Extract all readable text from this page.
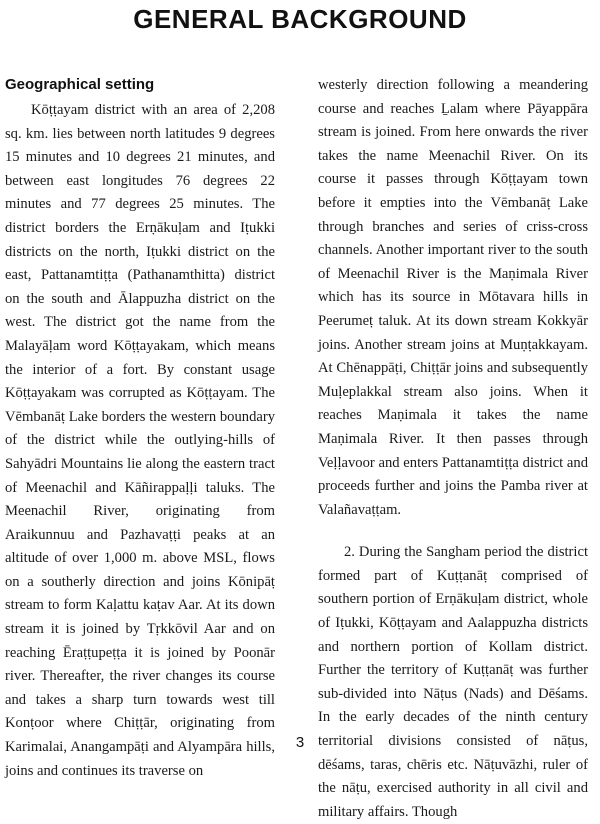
GENERAL BACKGROUND
Geographical setting

Kōṭṭayam district with an area of 2,208 sq. km. lies between north latitudes 9 degrees 15 minutes and 10 degrees 21 minutes, and between east longitudes 76 degrees 22 minutes and 77 degrees 25 minutes. The district borders the Erṇākuḷam and Iṭukki districts on the north, Iṭukki district on the east, Pattanamtiṭṭa (Pathanamthitta) district on the south and Ālappuzha district on the west. The district got the name from the Malayāḷam word Kōṭṭayakam, which means the interior of a fort. By constant usage Kōṭṭayakam was corrupted as Kōṭṭayam. The Vēmbanāṭ Lake borders the western boundary of the district while the outlying-hills of Sahyādri Mountains lie along the eastern tract of Meenachil and Kāñirappaḷḷi taluks. The Meenachil River, originating from Araikunnuu and Pazhavaṭṭi peaks at an altitude of over 1,000 m. above MSL, flows on a southerly direction and joins Kōnipāṭ stream to form Kaḷattu kaṭav Aar. At its down stream it is joined by Tṛkkōvil Aar and on reaching Ēraṭṭupeṭṭa it is joined by Poonār river. Thereafter, the river changes its course and takes a sharp turn towards west till Konṭoor where Chiṭṭār, originating from Karimalai, Anangampāṭi and Alyampāra hills, joins and continues its traverse on

westerly direction following a meandering course and reaches Ḻalam where Pāyappāra stream is joined. From here onwards the river takes the name Meenachil River. On its course it passes through Kōṭṭayam town before it empties into the Vēmbanāṭ Lake through branches and series of criss-cross channels. Another important river to the south of Meenachil River is the Maṇimala River which has its source in Mōtavara hills in Peerumeṭ taluk. At its down stream Kokkyār joins. Another stream joins at Muṇṭakkayam. At Chēnappāṭi, Chiṭṭār joins and subsequently Muḷeplakkal stream also joins. When it reaches Maṇimala it takes the name Maṇimala River. It then passes through Veḷḷavoor and enters Pattanamtiṭṭa district and proceeds further and joins the Pamba river at Valañavaṭṭam.

2. During the Sangham period the district formed part of Kuṭṭanāṭ comprised of southern portion of Erṇākuḷam district, whole of Iṭukki, Kōṭṭayam and Aalappuzha districts and northern portion of Kollam district. Further the territory of Kuṭṭanāṭ was further sub-divided into Nāṭus (Nads) and Dēśams. In the early decades of the ninth century territorial divisions consisted of nāṭus, dēśams, taras, chēris etc. Nāṭuvāzhi, ruler of the nāṭu, exercised authority in all civil and military affairs. Though

3
